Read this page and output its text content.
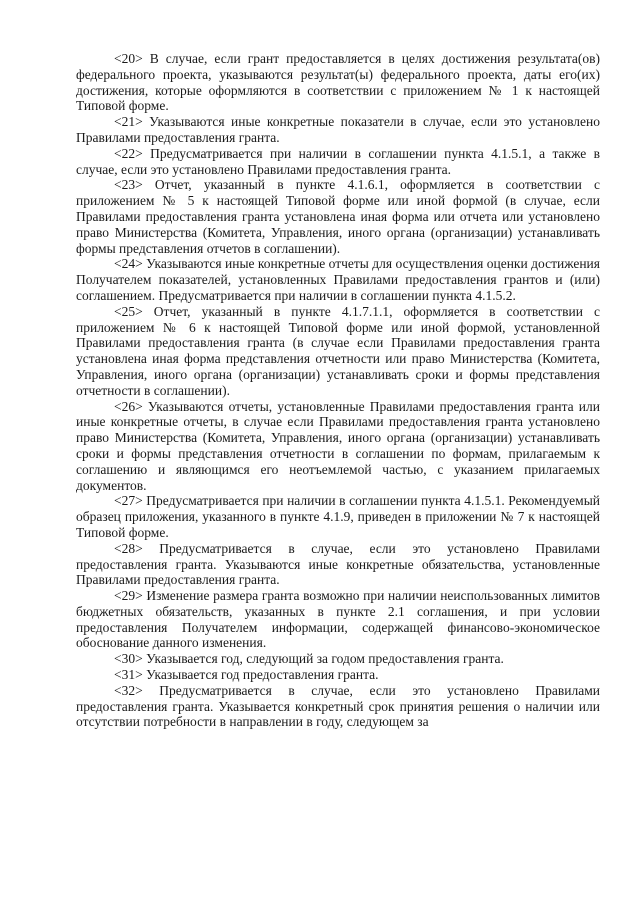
<20> В случае, если грант предоставляется в целях достижения результата(ов) федерального проекта, указываются результат(ы) федерального проекта, даты его(их) достижения, которые оформляются в соответствии с приложением № 1 к настоящей Типовой форме.

<21> Указываются иные конкретные показатели в случае, если это установлено Правилами предоставления гранта.

<22> Предусматривается при наличии в соглашении пункта 4.1.5.1, а также в случае, если это установлено Правилами предоставления гранта.

<23> Отчет, указанный в пункте 4.1.6.1, оформляется в соответствии с приложением № 5 к настоящей Типовой форме или иной формой (в случае, если Правилами предоставления гранта установлена иная форма или отчета или установлено право Министерства (Комитета, Управления, иного органа (организации) устанавливать формы представления отчетов в соглашении).

<24> Указываются иные конкретные отчеты для осуществления оценки достижения Получателем показателей, установленных Правилами предоставления грантов и (или) соглашением. Предусматривается при наличии в соглашении пункта 4.1.5.2.

<25> Отчет, указанный в пункте 4.1.7.1.1, оформляется в соответствии с приложением № 6 к настоящей Типовой форме или иной формой, установленной Правилами предоставления гранта (в случае если Правилами предоставления гранта установлена иная форма представления отчетности или право Министерства (Комитета, Управления, иного органа (организации) устанавливать сроки и формы представления отчетности в соглашении).

<26> Указываются отчеты, установленные Правилами предоставления гранта или иные конкретные отчеты, в случае если Правилами предоставления гранта установлено право Министерства (Комитета, Управления, иного органа (организации) устанавливать сроки и формы представления отчетности в соглашении по формам, прилагаемым к соглашению и являющимся его неотъемлемой частью, с указанием прилагаемых документов.

<27> Предусматривается при наличии в соглашении пункта 4.1.5.1. Рекомендуемый образец приложения, указанного в пункте 4.1.9, приведен в приложении № 7 к настоящей Типовой форме.

<28> Предусматривается в случае, если это установлено Правилами предоставления гранта. Указываются иные конкретные обязательства, установленные Правилами предоставления гранта.

<29> Изменение размера гранта возможно при наличии неиспользованных лимитов бюджетных обязательств, указанных в пункте 2.1 соглашения, и при условии предоставления Получателем информации, содержащей финансово-экономическое обоснование данного изменения.

<30> Указывается год, следующий за годом предоставления гранта.

<31> Указывается год предоставления гранта.

<32> Предусматривается в случае, если это установлено Правилами предоставления гранта. Указывается конкретный срок принятия решения о наличии или отсутствии потребности в направлении в году, следующем за
